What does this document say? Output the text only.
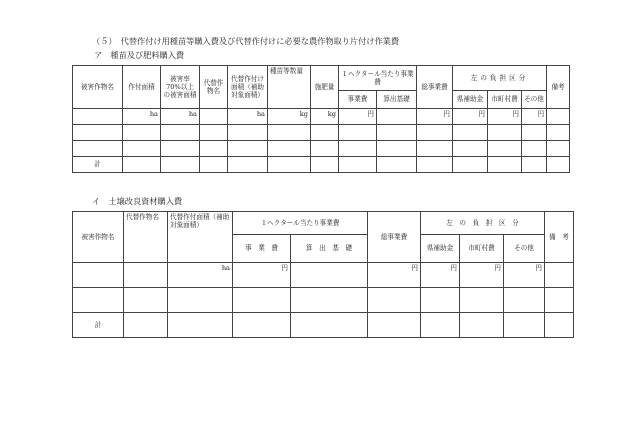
（５）　代替作付け用種苗等購入費及び代替作付けに必要な農作物取り片付け作業費
ア　種苗及び肥料購入費
被害作物名	作付面積	被害率70%以上の被害面積	代替作物名	代替作付け面積（補助対象面積）	種苗等数量	施肥量	１ヘクタール当たり事業費		総事業費	左の負担区分			備考
							事業費	算出基礎		県補助金	市町村費	その他	
	ha	ha		ha	kg	kg	円		円	円	円	円	

計													
イ　土壌改良資材購入費
被害作物名	代替作物名	代替作付面積（補助対象面積）	１ヘクタール当たり事業費		総事業費	左　の　負　担　区　分			備　考
			事　業　費	算　出　基　礎		県補助金	市町村費	その他	
		ha	円		円	円	円	円	

計									
